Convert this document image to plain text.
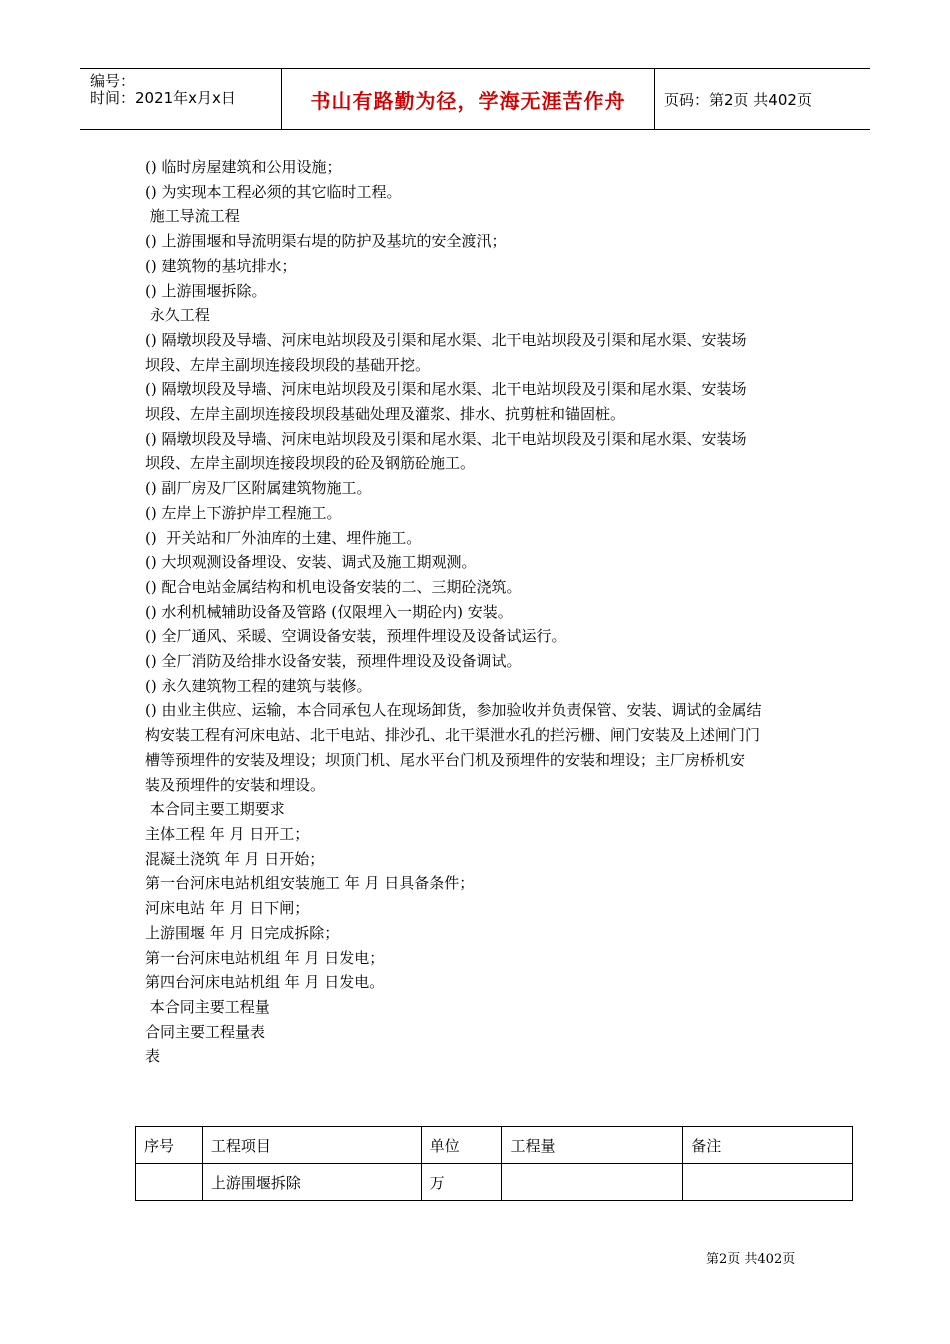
编号：
时间：2021年x月x日	书山有路勤为径，学海无涯苦作舟	页码：第2页 共402页

() 临时房屋建筑和公用设施；

() 为实现本工程必须的其它临时工程。

施工导流工程

() 上游围堰和导流明渠右堤的防护及基坑的安全渡汛；

() 建筑物的基坑排水；

() 上游围堰拆除。

永久工程

() 隔墩坝段及导墙、河床电站坝段及引渠和尾水渠、北干电站坝段及引渠和尾水渠、安装场

坝段、左岸主副坝连接段坝段的基础开挖。

() 隔墩坝段及导墙、河床电站坝段及引渠和尾水渠、北干电站坝段及引渠和尾水渠、安装场

坝段、左岸主副坝连接段坝段基础处理及灌浆、排水、抗剪桩和锚固桩。

() 隔墩坝段及导墙、河床电站坝段及引渠和尾水渠、北干电站坝段及引渠和尾水渠、安装场

坝段、左岸主副坝连接段坝段的砼及钢筋砼施工。

() 副厂房及厂区附属建筑物施工。

() 左岸上下游护岸工程施工。

()  开关站和厂外油库的土建、埋件施工。

() 大坝观测设备埋设、安装、调式及施工期观测。

() 配合电站金属结构和机电设备安装的二、三期砼浇筑。

() 水利机械辅助设备及管路 (仅限埋入一期砼内) 安装。

() 全厂通风、采暖、空调设备安装，预埋件埋设及设备试运行。

() 全厂消防及给排水设备安装，预埋件埋设及设备调试。

() 永久建筑物工程的建筑与装修。

() 由业主供应、运输，本合同承包人在现场卸货，参加验收并负责保管、安装、调试的金属结

构安装工程有河床电站、北干电站、排沙孔、北干渠泄水孔的拦污栅、闸门安装及上述闸门门

槽等预埋件的安装及埋设；坝顶门机、尾水平台门机及预埋件的安装和埋设；主厂房桥机安

装及预埋件的安装和埋设。

本合同主要工期要求

主体工程 年 月 日开工；

混凝土浇筑 年 月 日开始；

第一台河床电站机组安装施工 年 月 日具备条件；

河床电站 年 月 日下闸；

上游围堰 年 月 日完成拆除；

第一台河床电站机组 年 月 日发电；

第四台河床电站机组 年 月 日发电。

本合同主要工程量

合同主要工程量表

表

序号	工程项目	单位	工程量	备注
	上游围堰拆除	万		
第2页 共402页
